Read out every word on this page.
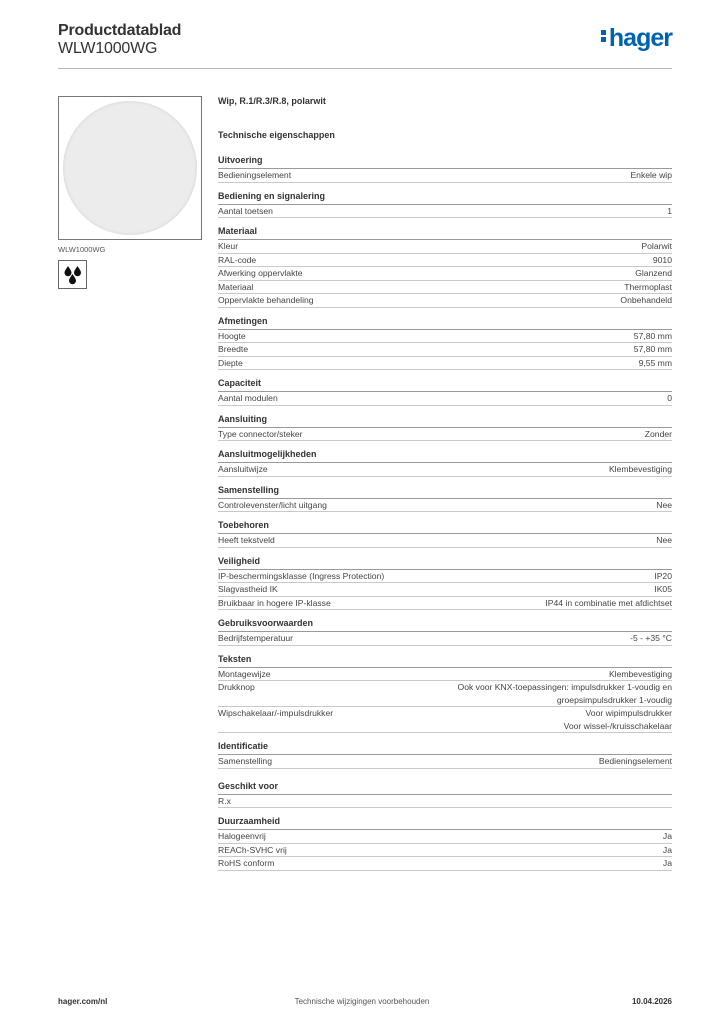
Productdatablad
WLW1000WG	hager
WLW1000WG
Wip, R.1/R.3/R.8, polarwit
Technische eigenschappen
Uitvoering
Bedieningselement	Enkele wip
Bediening en signalering
Aantal toetsen	1
Materiaal
Kleur	Polarwit
RAL-code	9010
Afwerking oppervlakte	Glanzend
Materiaal	Thermoplast
Oppervlakte behandeling	Onbehandeld
Afmetingen
Hoogte	57,80 mm
Breedte	57,80 mm
Diepte	9,55 mm
Capaciteit
Aantal modulen	0
Aansluiting
Type connector/steker	Zonder
Aansluitmogelijkheden
Aansluitwijze	Klembevestiging
Samenstelling
Controlevenster/licht uitgang	Nee
Toebehoren
Heeft tekstveld	Nee
Veiligheid
IP-beschermingsklasse (Ingress Protection)	IP20
Slagvastheid IK	IK05
Bruikbaar in hogere IP-klasse	IP44 in combinatie met afdichtset
Gebruiksvoorwaarden
Bedrijfstemperatuur	-5 - +35 °C
Teksten
Montagewijze	Klembevestiging
Drukknop	Ook voor KNX-toepassingen: impulsdrukker 1-voudig en
groepsimpulsdrukker 1-voudig
Wipschakelaar/-impulsdrukker	Voor wipimpulsdrukker
Voor wissel-/kruisschakelaar
Identificatie
Samenstelling	Bedieningselement
Geschikt voor
R.x
Duurzaamheid
Halogeenvrij	Ja
REACh-SVHC vrij	Ja
RoHS conform	Ja
hager.com/nl	Technische wijzigingen voorbehouden	10.04.2026
